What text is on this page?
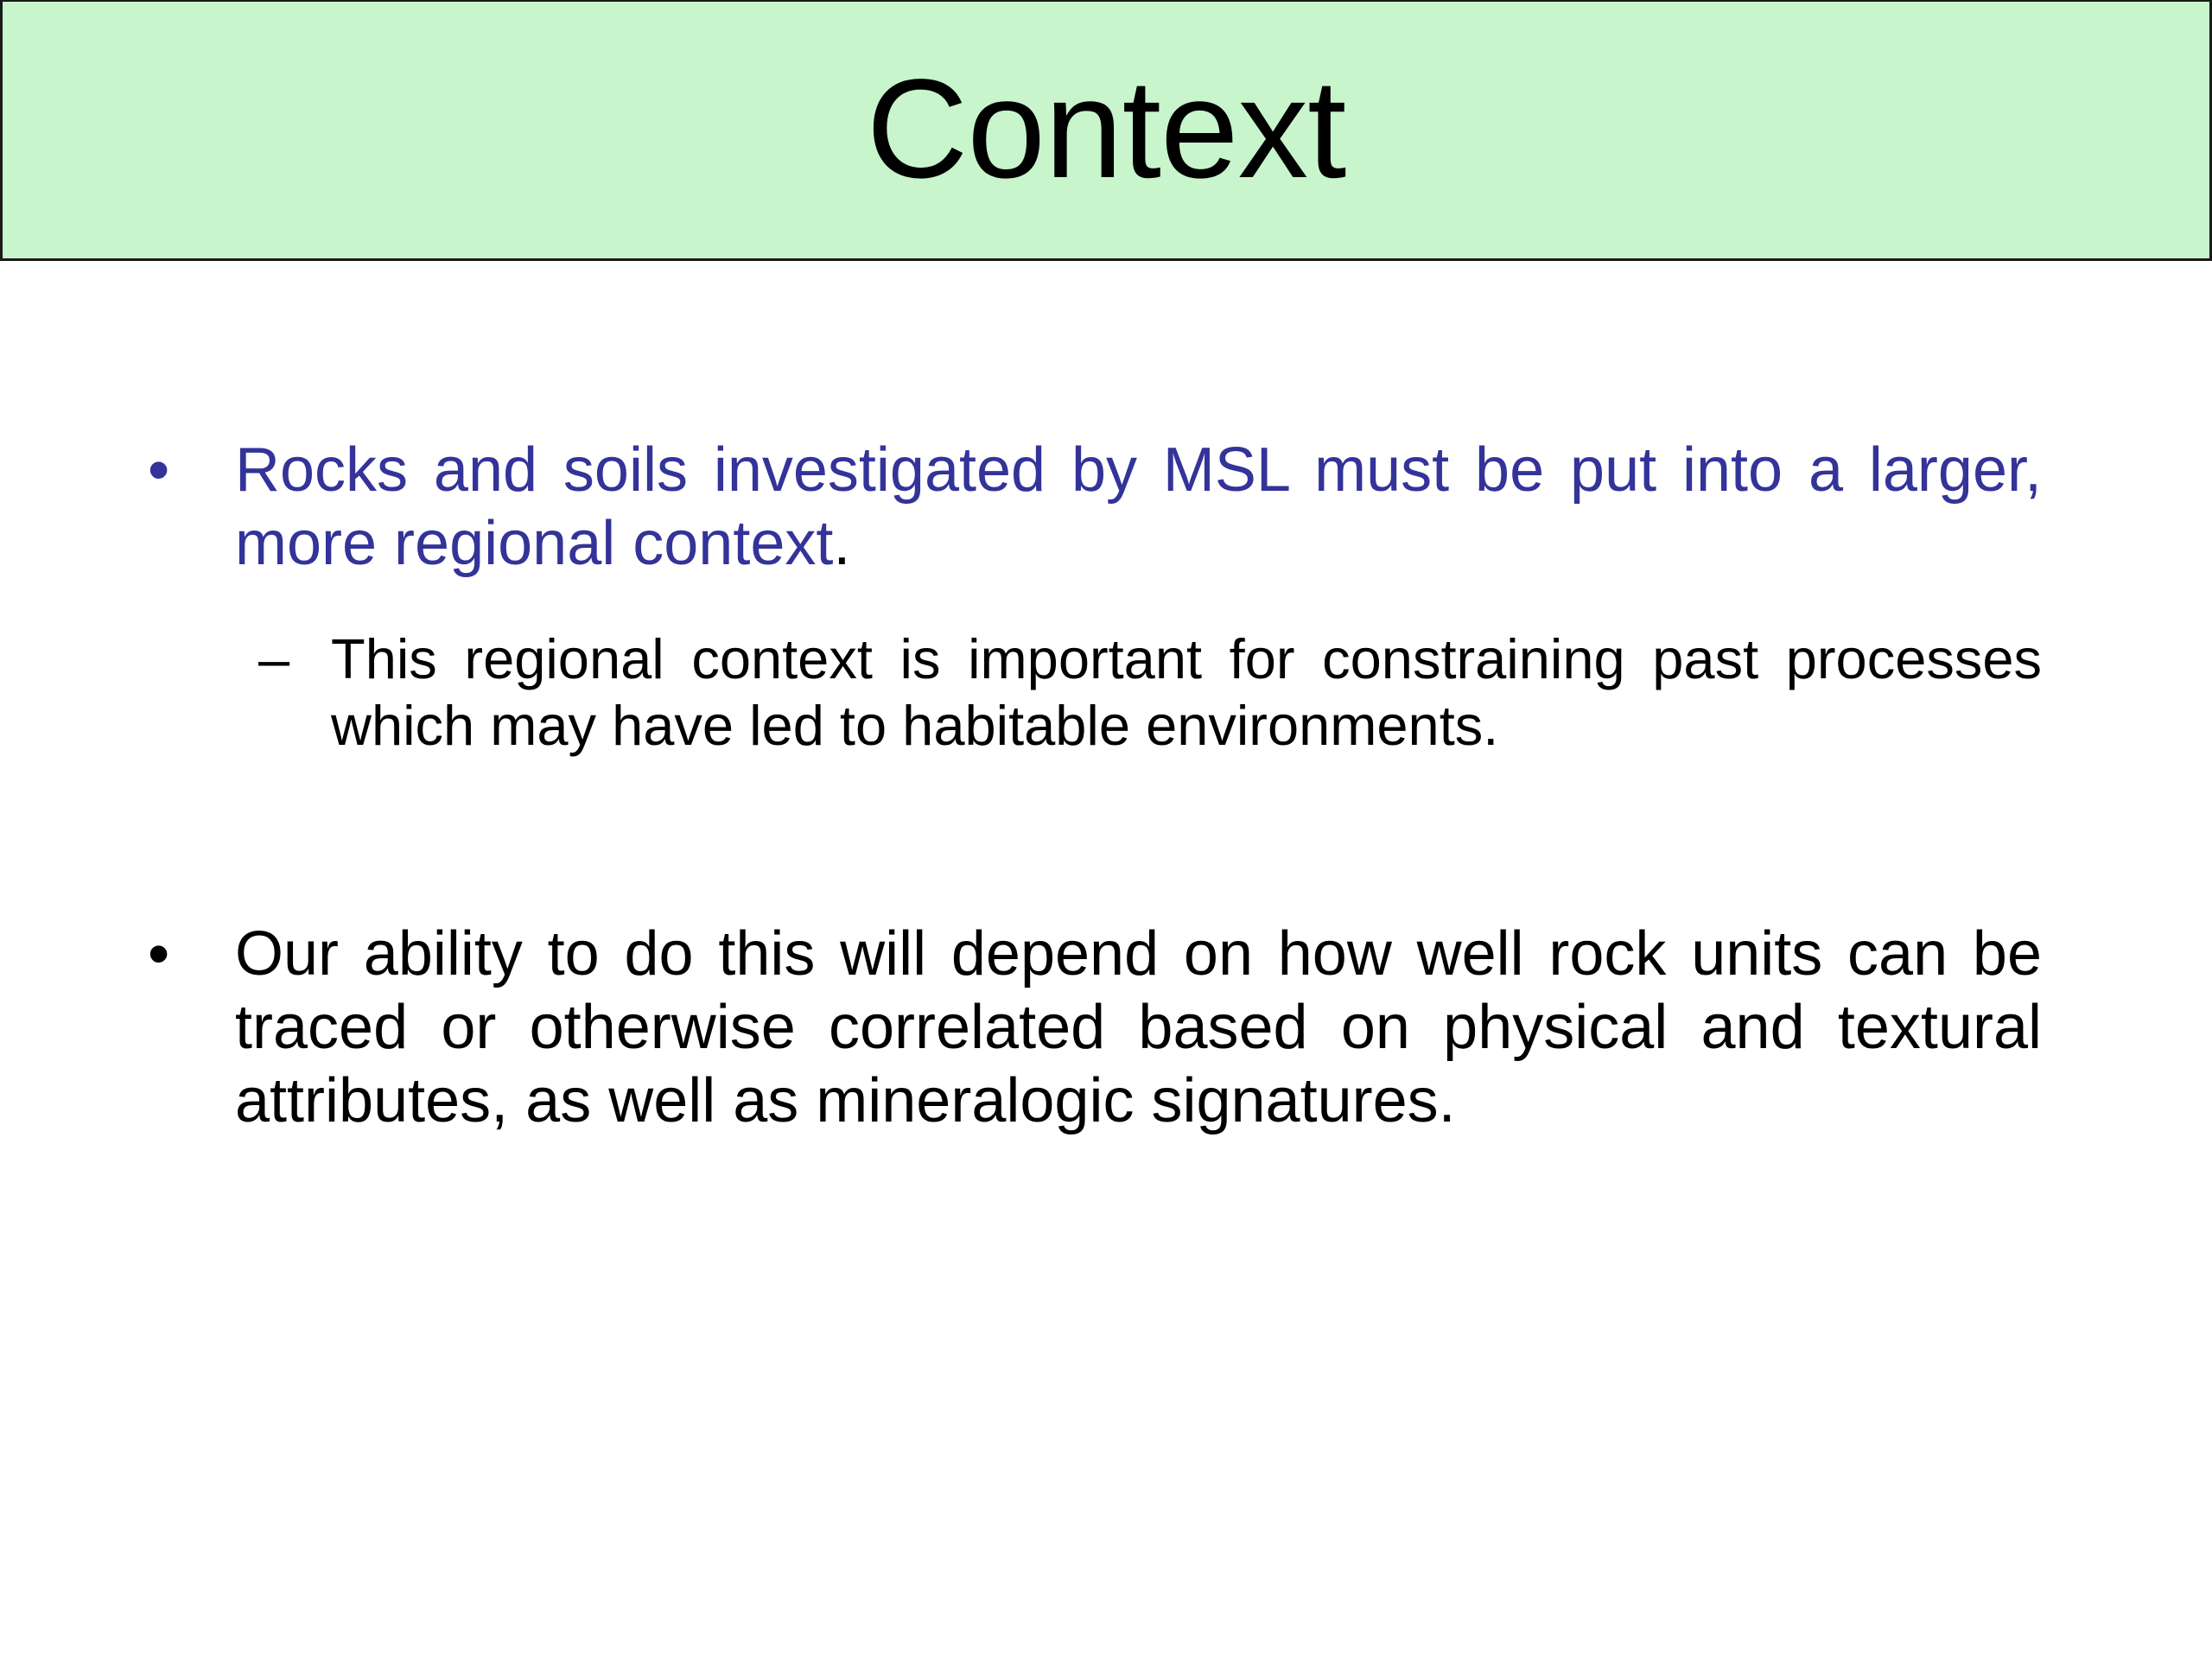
Context
• Rocks and soils investigated by MSL must be put into a larger, more regional context.
– This regional context is important for constraining past processes which may have led to habitable environments.
• Our ability to do this will depend on how well rock units can be traced or otherwise correlated based on physical and textural attributes, as well as mineralogic signatures.
